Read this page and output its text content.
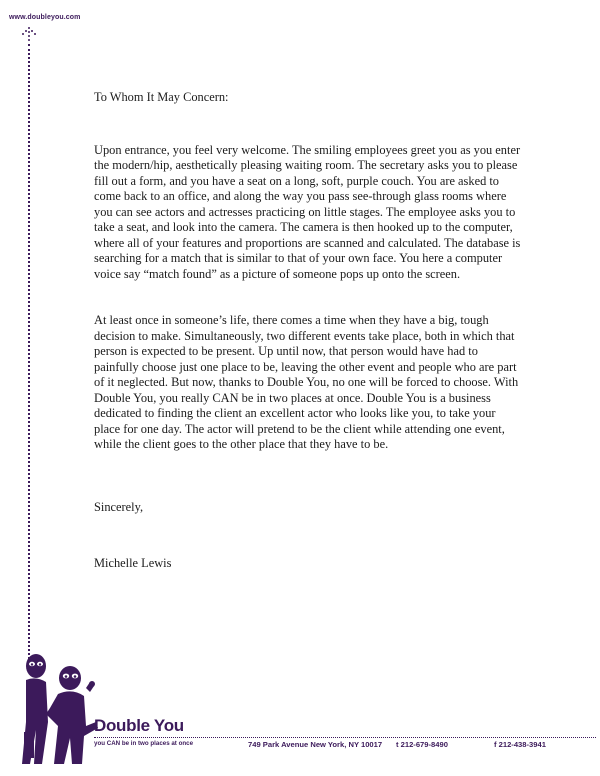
www.doubleyou.com

To Whom It May Concern:

Upon entrance, you feel very welcome. The smiling employees greet you as you enter the modern/hip, aesthetically pleasing waiting room. The secretary asks you to please fill out a form, and you have a seat on a long, soft, purple couch. You are asked to come back to an office, and along the way you pass see-through glass rooms where you can see actors and actresses practicing on little stages. The employee asks you to take a seat, and look into the camera. The camera is then hooked up to the computer, where all of your features and proportions are scanned and calculated. The database is searching for a match that is similar to that of your own face. You here a computer voice say “match found” as a picture of someone pops up onto the screen.

At least once in someone’s life, there comes a time when they have a big, tough decision to make. Simultaneously, two different events take place, both in which that person is expected to be present. Up until now, that person would have had to painfully choose just one place to be, leaving the other event and people who are part of it neglected. But now, thanks to Double You, no one will be forced to choose. With Double You, you really CAN be in two places at once. Double You is a business dedicated to finding the client an excellent actor who looks like you, to take your place for one day. The actor will pretend to be the client while attending one event, while the client goes to the other place that they have to be.

Sincerely,

Michelle Lewis

Double You
you CAN be in two places at once	749 Park Avenue New York, NY 10017 t 212-679-8490	f 212-438-3941
